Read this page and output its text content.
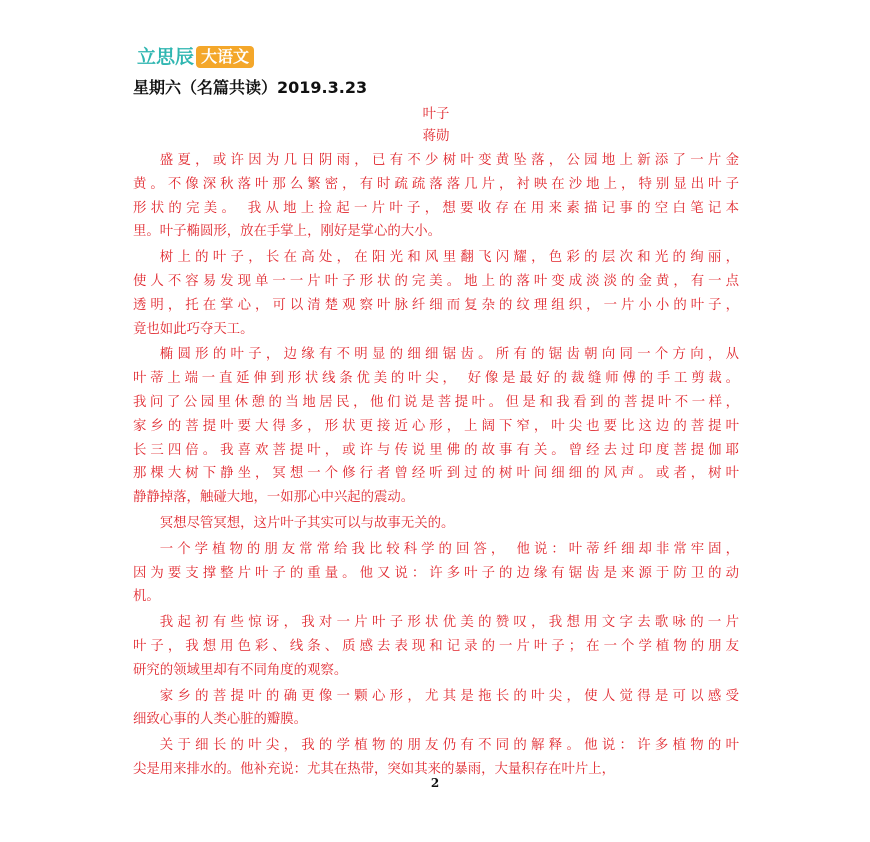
立思辰 大语文
星期六（名篇共读）2019.3.23
叶子
蒋勋
盛夏，或许因为几日阴雨，已有不少树叶变黄坠落，公园地上新添了一片金
黄。不像深秋落叶那么繁密，有时疏疏落落几片，衬映在沙地上，特别显出叶子
形状的完美。 我从地上捡起一片叶子，想要收存在用来素描记事的空白笔记本
里。叶子椭圆形，放在手掌上，刚好是掌心的大小。
树上的叶子，长在高处，在阳光和风里翻飞闪耀，色彩的层次和光的绚丽，
使人不容易发现单一一片叶子形状的完美。地上的落叶变成淡淡的金黄，有一点
透明，托在掌心，可以清楚观察叶脉纤细而复杂的纹理组织，一片小小的叶子，
竟也如此巧夺天工。
椭圆形的叶子，边缘有不明显的细细锯齿。所有的锯齿朝向同一个方向，从
叶蒂上端一直延伸到形状线条优美的叶尖， 好像是最好的裁缝师傅的手工剪裁。
我问了公园里休憩的当地居民，他们说是菩提叶。但是和我看到的菩提叶不一样，
家乡的菩提叶要大得多，形状更接近心形，上阔下窄，叶尖也要比这边的菩提叶
长三四倍。我喜欢菩提叶，或许与传说里佛的故事有关。曾经去过印度菩提伽耶
那棵大树下静坐，冥想一个修行者曾经听到过的树叶间细细的风声。或者，树叶
静静掉落，触碰大地，一如那心中兴起的震动。
冥想尽管冥想，这片叶子其实可以与故事无关的。
一个学植物的朋友常常给我比较科学的回答， 他说：叶蒂纤细却非常牢固，
因为要支撑整片叶子的重量。他又说：许多叶子的边缘有锯齿是来源于防卫的动
机。
我起初有些惊讶，我对一片叶子形状优美的赞叹，我想用文字去歌咏的一片
叶子，我想用色彩、线条、质感去表现和记录的一片叶子；在一个学植物的朋友
研究的领域里却有不同角度的观察。
家乡的菩提叶的确更像一颗心形，尤其是拖长的叶尖，使人觉得是可以感受
细致心事的人类心脏的瓣膜。
关于细长的叶尖，我的学植物的朋友仍有不同的解释。他说：许多植物的叶
尖是用来排水的。他补充说：尤其在热带，突如其来的暴雨，大量积存在叶片上，
2
